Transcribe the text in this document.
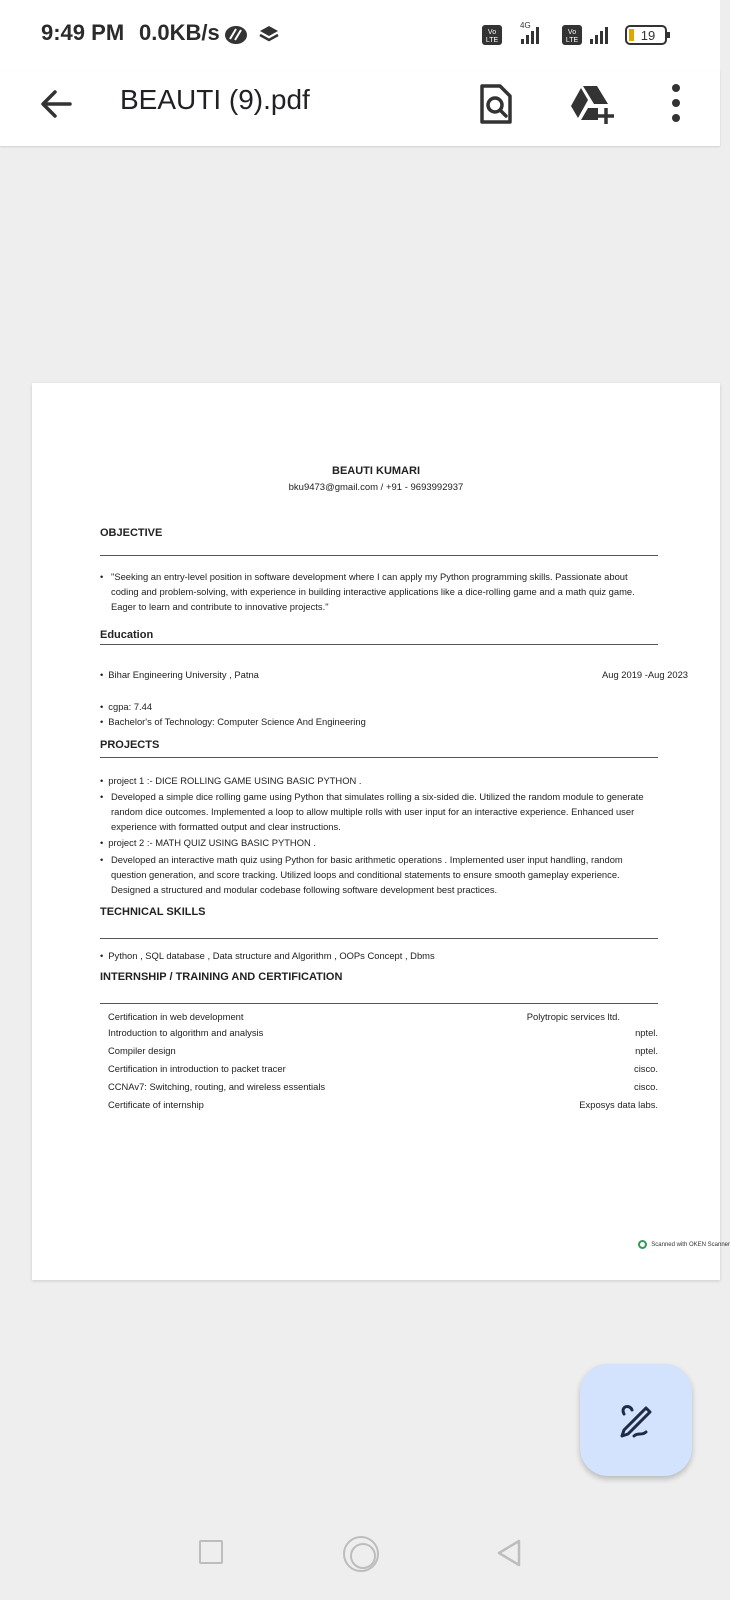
9:49 PM 0.0KB/s	Vo
LTE
4G
Vo
LTE	19
BEAUTI (9).pdf
BEAUTI KUMARI
bku9473@gmail.com / +91 - 9693992937
OBJECTIVE
• "Seeking an entry-level position in software development where I can apply my Python programming skills. Passionate about coding and problem-solving, with experience in building interactive applications like a dice-rolling game and a math quiz game. Eager to learn and contribute to innovative projects."
Education
• Bihar Engineering University , Patna	Aug 2019 -Aug 2023
• cgpa: 7.44
• Bachelor's of Technology: Computer Science And Engineering
PROJECTS
• project 1 :- DICE ROLLING GAME USING BASIC PYTHON .
• Developed a simple dice rolling game using Python that simulates rolling a six-sided die. Utilized the random module to generate random dice outcomes. Implemented a loop to allow multiple rolls with user input for an interactive experience. Enhanced user experience with formatted output and clear instructions.
• project 2 :- MATH QUIZ USING BASIC PYTHON .
• Developed an interactive math quiz using Python for basic arithmetic operations . Implemented user input handling, random question generation, and score tracking. Utilized loops and conditional statements to ensure smooth gameplay experience. Designed a structured and modular codebase following software development best practices.
TECHNICAL SKILLS
• Python , SQL database , Data structure and Algorithm , OOPs Concept , Dbms
INTERNSHIP / TRAINING AND CERTIFICATION
Certification in web development	Polytropic services ltd.
Introduction to algorithm and analysis	nptel.
Compiler design	nptel.
Certification in introduction to packet tracer	cisco.
CCNAv7: Switching, routing, and wireless essentials	cisco.
Certificate of internship	Exposys data labs.
Scanned with OKEN Scanner
